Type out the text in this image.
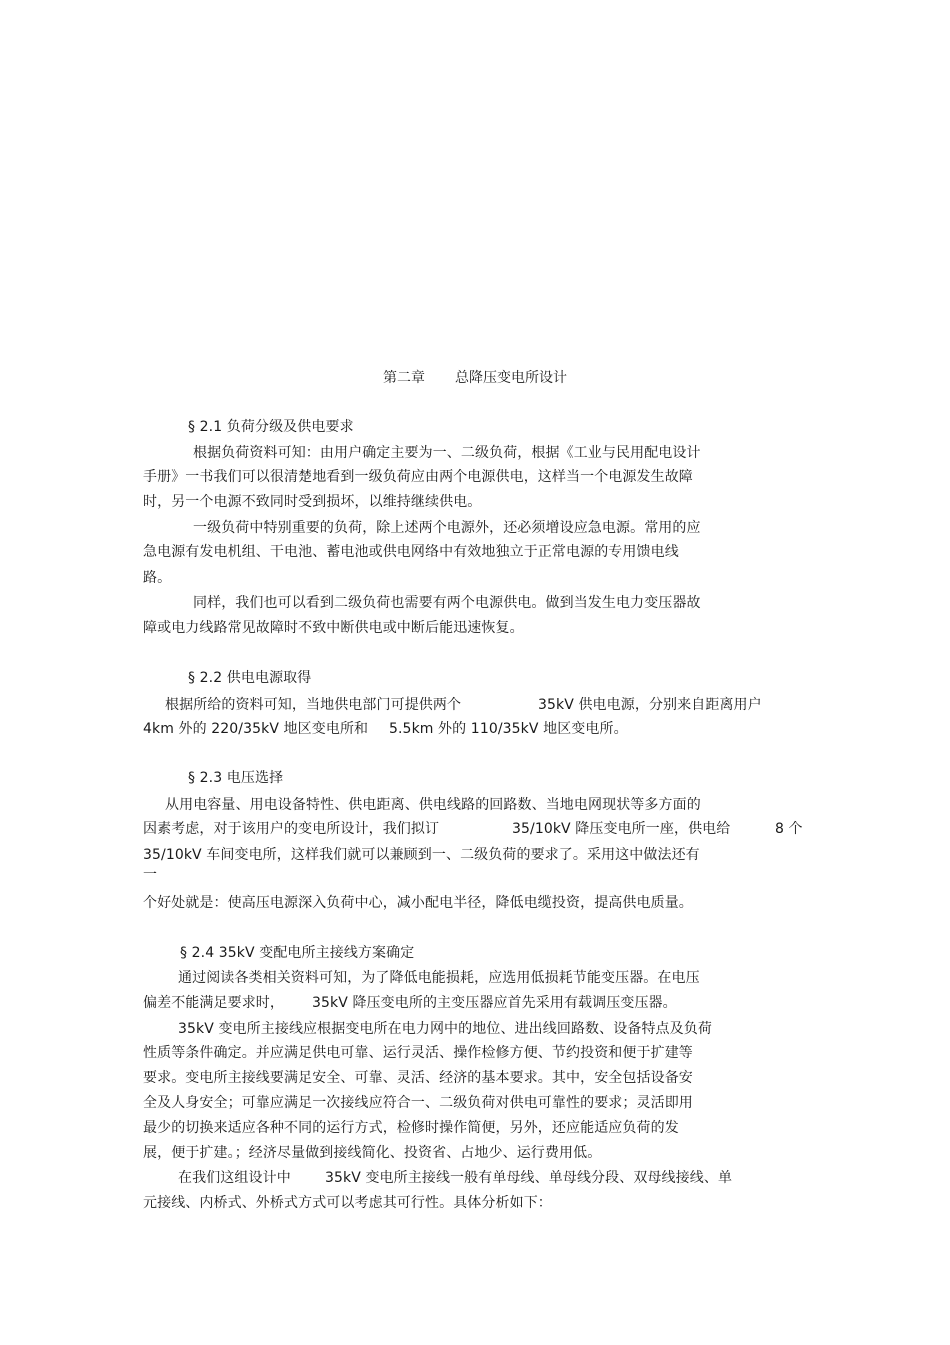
第二章 总降压变电所设计
§ 2.1 负荷分级及供电要求
根据负荷资料可知：由用户确定主要为一、二级负荷，根据《工业与民用配电设计
手册》一书我们可以很清楚地看到一级负荷应由两个电源供电，这样当一个电源发生故障
时，另一个电源不致同时受到损坏，以维持继续供电。
一级负荷中特别重要的负荷，除上述两个电源外，还必须增设应急电源。常用的应
急电源有发电机组、干电池、蓄电池或供电网络中有效地独立于正常电源的专用馈电线
路。
同样，我们也可以看到二级负荷也需要有两个电源供电。做到当发生电力变压器故
障或电力线路常见故障时不致中断供电或中断后能迅速恢复。
§ 2.2 供电电源取得
根据所给的资料可知，当地供电部门可提供两个	35kV 供电电源，分别来自距离用户
4km 外的 220/35kV 地区变电所和 5.5km 外的 110/35kV 地区变电所。
§ 2.3 电压选择
从用电容量、用电设备特性、供电距离、供电线路的回路数、当地电网现状等多方面的
因素考虑，对于该用户的变电所设计，我们拟订	35/10kV 降压变电所一座，供电给	8 个
35/10kV 车间变电所，这样我们就可以兼顾到一、二级负荷的要求了。采用这中做法还有
一
个好处就是：使高压电源深入负荷中心，减小配电半径，降低电缆投资，提高供电质量。
§ 2.4 35kV 变配电所主接线方案确定
通过阅读各类相关资料可知，为了降低电能损耗，应选用低损耗节能变压器。在电压
偏差不能满足要求时， 35kV 降压变电所的主变压器应首先采用有载调压变压器。
35kV 变电所主接线应根据变电所在电力网中的地位、进出线回路数、设备特点及负荷
性质等条件确定。并应满足供电可靠、运行灵活、操作检修方便、节约投资和便于扩建等
要求。变电所主接线要满足安全、可靠、灵活、经济的基本要求。其中，安全包括设备安
全及人身安全；可靠应满足一次接线应符合一、二级负荷对供电可靠性的要求；灵活即用
最少的切换来适应各种不同的运行方式，检修时操作简便，另外，还应能适应负荷的发
展，便于扩建。；经济尽量做到接线简化、投资省、占地少、运行费用低。
在我们这组设计中 35kV 变电所主接线一般有单母线、单母线分段、双母线接线、单
元接线、内桥式、外桥式方式可以考虑其可行性。具体分析如下：
